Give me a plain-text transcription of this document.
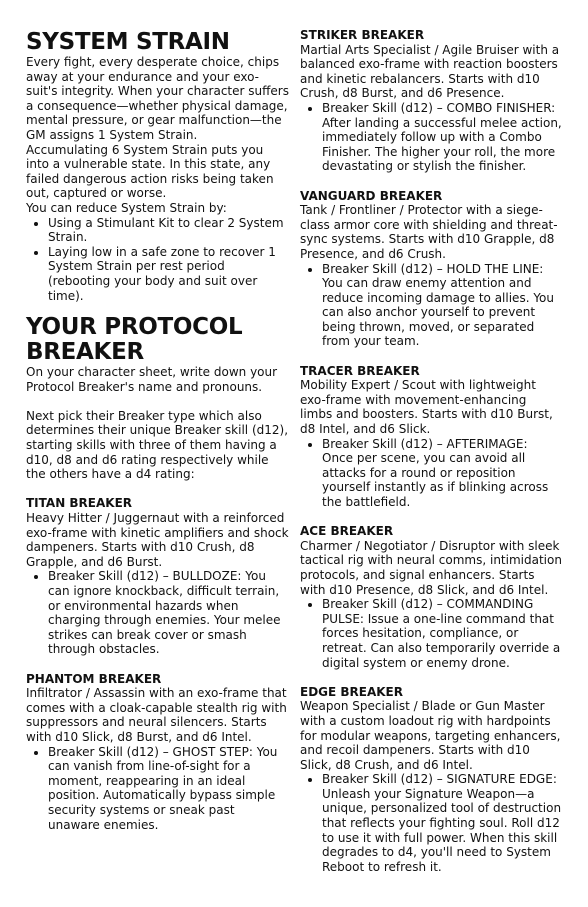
SYSTEM STRAIN

Every fight, every desperate choice, chips away at your endurance and your exo-suit's integrity. When your character suffers a consequence—whether physical damage, mental pressure, or gear malfunction—the GM assigns 1 System Strain.

Accumulating 6 System Strain puts you into a vulnerable state. In this state, any failed dangerous action risks being taken out, captured or worse.

You can reduce System Strain by:

• Using a Stimulant Kit to clear 2 System Strain.
• Laying low in a safe zone to recover 1 System Strain per rest period (rebooting your body and suit over time).
YOUR PROTOCOL BREAKER

On your character sheet, write down your Protocol Breaker's name and pronouns.

Next pick their Breaker type which also determines their unique Breaker skill (d12), starting skills with three of them having a d10, d8 and d6 rating respectively while the others have a d4 rating:

TITAN BREAKER

Heavy Hitter / Juggernaut with a reinforced exo-frame with kinetic amplifiers and shock dampeners. Starts with d10 Crush, d8 Grapple, and d6 Burst.

• Breaker Skill (d12) – BULLDOZE: You can ignore knockback, difficult terrain, or environmental hazards when charging through enemies. Your melee strikes can break cover or smash through obstacles.
PHANTOM BREAKER

Infiltrator / Assassin with an exo-frame that comes with a cloak-capable stealth rig with suppressors and neural silencers. Starts with d10 Slick, d8 Burst, and d6 Intel.

• Breaker Skill (d12) – GHOST STEP: You can vanish from line-of-sight for a moment, reappearing in an ideal position. Automatically bypass simple security systems or sneak past unaware enemies.
STRIKER BREAKER

Martial Arts Specialist / Agile Bruiser with a balanced exo-frame with reaction boosters and kinetic rebalancers. Starts with d10 Crush, d8 Burst, and d6 Presence.

• Breaker Skill (d12) – COMBO FINISHER: After landing a successful melee action, immediately follow up with a Combo Finisher. The higher your roll, the more devastating or stylish the finisher.
VANGUARD BREAKER

Tank / Frontliner / Protector with a siege-class armor core with shielding and threat-sync systems. Starts with d10 Grapple, d8 Presence, and d6 Crush.

• Breaker Skill (d12) – HOLD THE LINE: You can draw enemy attention and reduce incoming damage to allies. You can also anchor yourself to prevent being thrown, moved, or separated from your team.
TRACER BREAKER

Mobility Expert / Scout with lightweight exo-frame with movement-enhancing limbs and boosters. Starts with d10 Burst, d8 Intel, and d6 Slick.

• Breaker Skill (d12) – AFTERIMAGE: Once per scene, you can avoid all attacks for a round or reposition yourself instantly as if blinking across the battlefield.
ACE BREAKER

Charmer / Negotiator / Disruptor with sleek tactical rig with neural comms, intimidation protocols, and signal enhancers. Starts with d10 Presence, d8 Slick, and d6 Intel.

• Breaker Skill (d12) – COMMANDING PULSE: Issue a one-line command that forces hesitation, compliance, or retreat. Can also temporarily override a digital system or enemy drone.
EDGE BREAKER

Weapon Specialist / Blade or Gun Master with a custom loadout rig with hardpoints for modular weapons, targeting enhancers, and recoil dampeners. Starts with d10 Slick, d8 Crush, and d6 Intel.

• Breaker Skill (d12) – SIGNATURE EDGE: Unleash your Signature Weapon—a unique, personalized tool of destruction that reflects your fighting soul. Roll d12 to use it with full power. When this skill degrades to d4, you'll need to System Reboot to refresh it.
